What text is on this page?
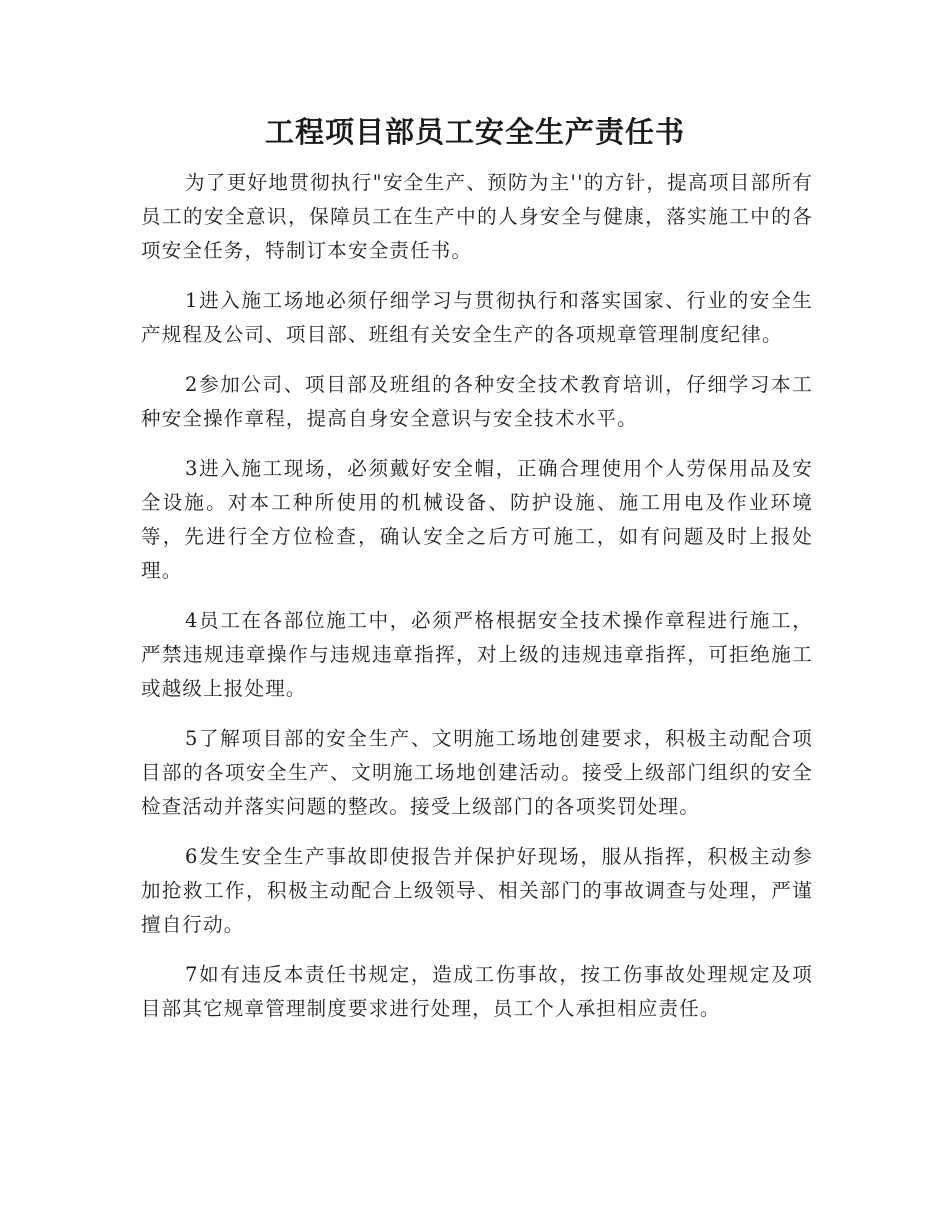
工程项目部员工安全生产责任书

为了更好地贯彻执行"安全生产、预防为主''的方针，提高项目部所有员工的安全意识，保障员工在生产中的人身安全与健康，落实施工中的各项安全任务，特制订本安全责任书。

1进入施工场地必须仔细学习与贯彻执行和落实国家、行业的安全生产规程及公司、项目部、班组有关安全生产的各项规章管理制度纪律。

2参加公司、项目部及班组的各种安全技术教育培训，仔细学习本工种安全操作章程，提高自身安全意识与安全技术水平。

3进入施工现场，必须戴好安全帽，正确合理使用个人劳保用品及安全设施。对本工种所使用的机械设备、防护设施、施工用电及作业环境等，先进行全方位检查，确认安全之后方可施工，如有问题及时上报处理。

4员工在各部位施工中，必须严格根据安全技术操作章程进行施工，严禁违规违章操作与违规违章指挥，对上级的违规违章指挥，可拒绝施工或越级上报处理。

5了解项目部的安全生产、文明施工场地创建要求，积极主动配合项目部的各项安全生产、文明施工场地创建活动。接受上级部门组织的安全检查活动并落实问题的整改。接受上级部门的各项奖罚处理。

6发生安全生产事故即使报告并保护好现场，服从指挥，积极主动参加抢救工作，积极主动配合上级领导、相关部门的事故调查与处理，严谨擅自行动。

7如有违反本责任书规定，造成工伤事故，按工伤事故处理规定及项目部其它规章管理制度要求进行处理，员工个人承担相应责任。
